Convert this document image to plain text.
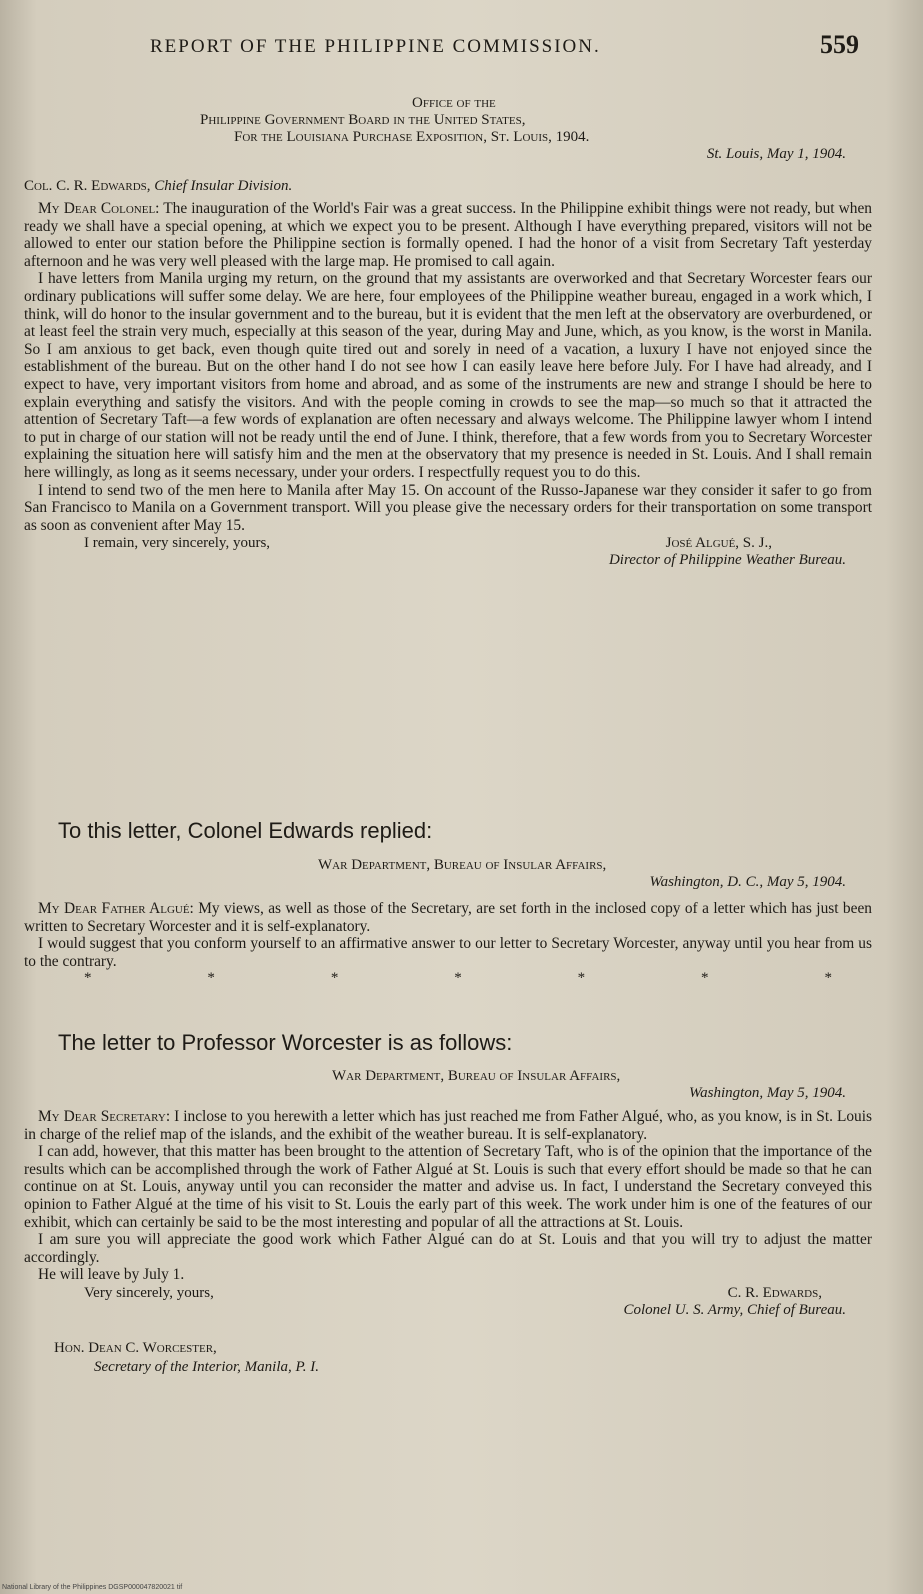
REPORT OF THE PHILIPPINE COMMISSION.	559
Office of the
Philippine Government Board in the United States,
For the Louisiana Purchase Exposition, St. Louis, 1904.
St. Louis, May 1, 1904.
Col. C. R. Edwards, Chief Insular Division.

My Dear Colonel: The inauguration of the World's Fair was a great success. In the Philippine exhibit things were not ready, but when ready we shall have a special opening, at which we expect you to be present. Although I have everything prepared, visitors will not be allowed to enter our station before the Philippine section is formally opened. I had the honor of a visit from Secretary Taft yesterday afternoon and he was very well pleased with the large map. He promised to call again.

I have letters from Manila urging my return, on the ground that my assistants are overworked and that Secretary Worcester fears our ordinary publications will suffer some delay. We are here, four employees of the Philippine weather bureau, engaged in a work which, I think, will do honor to the insular government and to the bureau, but it is evident that the men left at the observatory are overburdened, or at least feel the strain very much, especially at this season of the year, during May and June, which, as you know, is the worst in Manila. So I am anxious to get back, even though quite tired out and sorely in need of a vacation, a luxury I have not enjoyed since the establishment of the bureau. But on the other hand I do not see how I can easily leave here before July. For I have had already, and I expect to have, very important visitors from home and abroad, and as some of the instruments are new and strange I should be here to explain everything and satisfy the visitors. And with the people coming in crowds to see the map—so much so that it attracted the attention of Secretary Taft—a few words of explanation are often necessary and always welcome. The Philippine lawyer whom I intend to put in charge of our station will not be ready until the end of June. I think, therefore, that a few words from you to Secretary Worcester explaining the situation here will satisfy him and the men at the observatory that my presence is needed in St. Louis. And I shall remain here willingly, as long as it seems necessary, under your orders. I respectfully request you to do this.

I intend to send two of the men here to Manila after May 15. On account of the Russo-Japanese war they consider it safer to go from San Francisco to Manila on a Government transport. Will you please give the necessary orders for their transportation on some transport as soon as convenient after May 15.

I remain, very sincerely, yours,	José Algué, S. J.,
Director of Philippine Weather Bureau.
To this letter, Colonel Edwards replied:
War Department, Bureau of Insular Affairs,
Washington, D. C., May 5, 1904.

My Dear Father Algué: My views, as well as those of the Secretary, are set forth in the inclosed copy of a letter which has just been written to Secretary Worcester and it is self-explanatory.

I would suggest that you conform yourself to an affirmative answer to our letter to Secretary Worcester, anyway until you hear from us to the contrary.

*	*	*	*	*	*	*
The letter to Professor Worcester is as follows:
War Department, Bureau of Insular Affairs,
Washington, May 5, 1904.

My Dear Secretary: I inclose to you herewith a letter which has just reached me from Father Algué, who, as you know, is in St. Louis in charge of the relief map of the islands, and the exhibit of the weather bureau. It is self-explanatory.

I can add, however, that this matter has been brought to the attention of Secretary Taft, who is of the opinion that the importance of the results which can be accomplished through the work of Father Algué at St. Louis is such that every effort should be made so that he can continue on at St. Louis, anyway until you can reconsider the matter and advise us. In fact, I understand the Secretary conveyed this opinion to Father Algué at the time of his visit to St. Louis the early part of this week. The work under him is one of the features of our exhibit, which can certainly be said to be the most interesting and popular of all the attractions at St. Louis.

I am sure you will appreciate the good work which Father Algué can do at St. Louis and that you will try to adjust the matter accordingly.

He will leave by July 1.

Very sincerely, yours,	C. R. Edwards,
Colonel U. S. Army, Chief of Bureau.
Hon. Dean C. Worcester,
Secretary of the Interior, Manila, P. I.
National Library of the Philippines DGSP000047820021 tif
